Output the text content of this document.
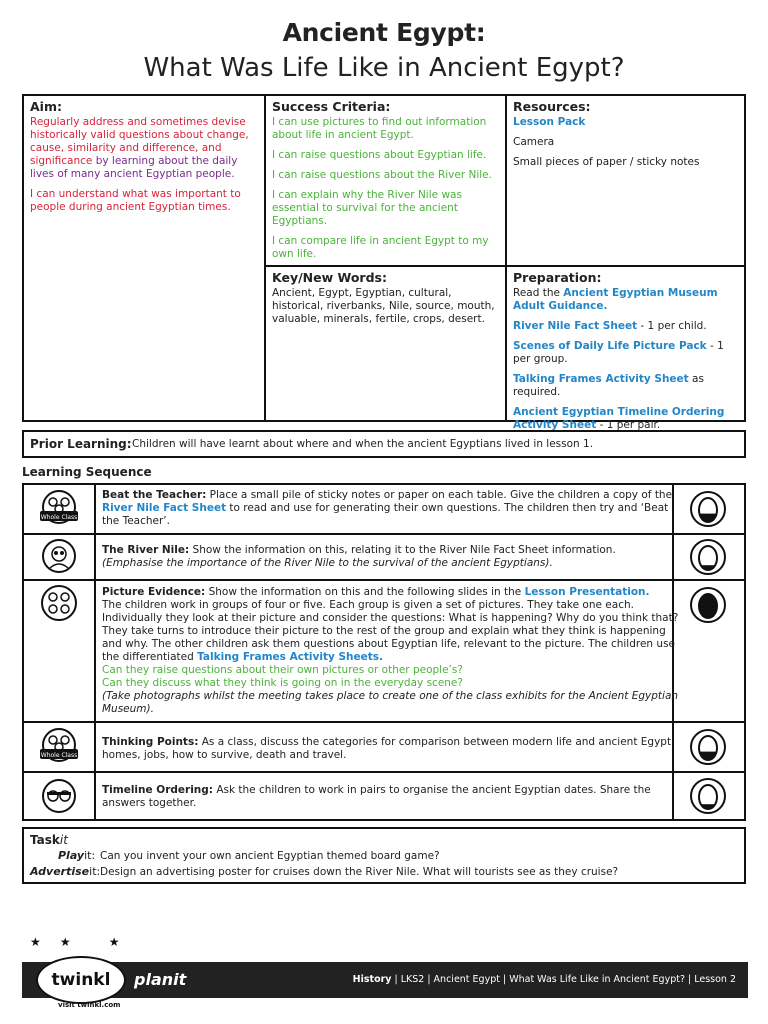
Ancient Egypt:
What Was Life Like in Ancient Egypt?
Aim:

Regularly address and sometimes devise historically valid questions about change, cause, similarity and difference, and significance by learning about the daily lives of many ancient Egyptian people.

I can understand what was important to people during ancient Egyptian times.

Success Criteria:

I can use pictures to find out information about life in ancient Egypt.

I can raise questions about Egyptian life.

I can raise questions about the River Nile.

I can explain why the River Nile was essential to survival for the ancient Egyptians.

I can compare life in ancient Egypt to my own life.

Resources:

Lesson Pack

Camera

Small pieces of paper / sticky notes

Key/New Words:

Ancient, Egypt, Egyptian, cultural, historical, riverbanks, Nile, source, mouth, valuable, minerals, fertile, crops, desert.

Preparation:

Read the Ancient Egyptian Museum Adult Guidance.

River Nile Fact Sheet - 1 per child.

Scenes of Daily Life Picture Pack - 1 per group.

Talking Frames Activity Sheet as required.

Ancient Egyptian Timeline Ordering Activity Sheet - 1 per pair.

Prior Learning: Children will have learnt about where and when the ancient Egyptians lived in lesson 1.
Learning Sequence
Beat the Teacher: Place a small pile of sticky notes or paper on each table. Give the children a copy of the River Nile Fact Sheet to read and use for generating their own questions. The children then try and ‘Beat the Teacher’.
The River Nile: Show the information on this, relating it to the River Nile Fact Sheet information.
(Emphasise the importance of the River Nile to the survival of the ancient Egyptians).
Picture Evidence: Show the information on this and the following slides in the Lesson Presentation.
The children work in groups of four or five. Each group is given a set of pictures. They take one each. Individually they look at their picture and consider the questions: What is happening? Why do you think that? They take turns to introduce their picture to the rest of the group and explain what they think is happening and why. The other children ask them questions about Egyptian life, relevant to the picture. The children use the differentiated Talking Frames Activity Sheets.
Can they raise questions about their own pictures or other people’s?
Can they discuss what they think is going on in the everyday scene?
(Take photographs whilst the meeting takes place to create one of the class exhibits for the Ancient Egyptian Museum).
Thinking Points: As a class, discuss the categories for comparison between modern life and ancient Egypt: homes, jobs, how to survive, death and travel.
Timeline Ordering: Ask the children to work in pairs to organise the ancient Egyptian dates. Share the answers together.
Whole Class
Whole Class
Taskit
Playit: Can you invent your own ancient Egyptian themed board game?
Advertiseit: Design an advertising poster for cruises down the River Nile. What will tourists see as they cruise?
★     ★          ★
twinkl planit	History | LKS2 | Ancient Egypt | What Was Life Like in Ancient Egypt? | Lesson 2
visit twinkl.com
